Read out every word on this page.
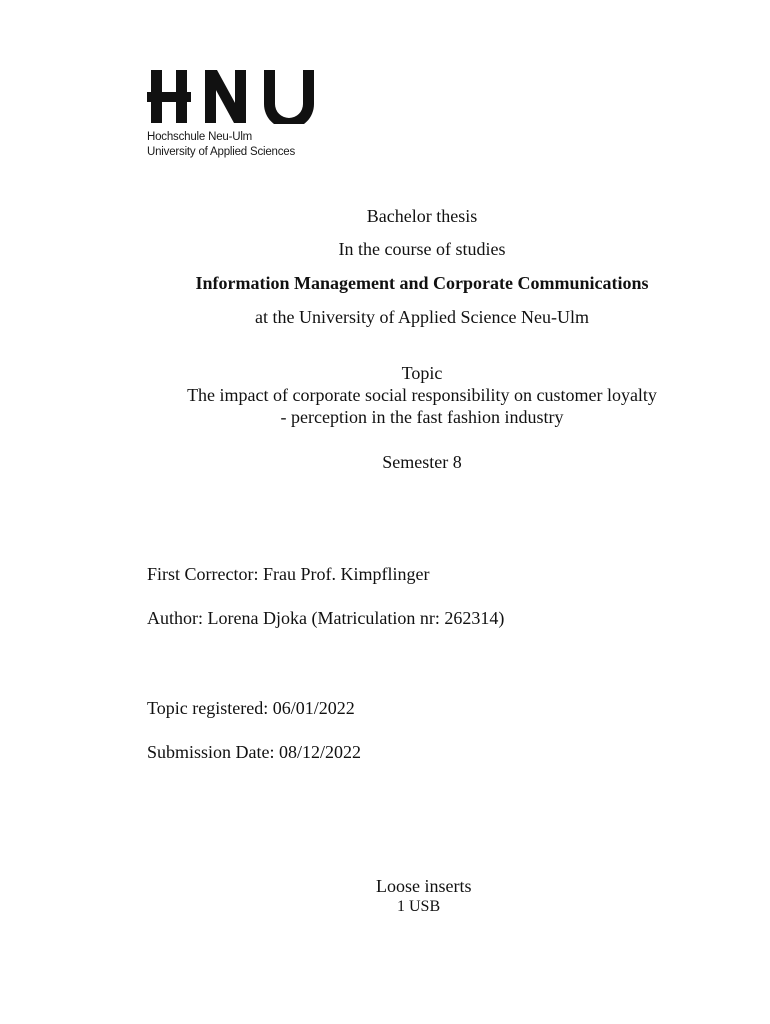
Hochschule Neu-Ulm
University of Applied Sciences
Bachelor thesis
In the course of studies
Information Management and Corporate Communications
at the University of Applied Science Neu-Ulm
Topic
The impact of corporate social responsibility on customer loyalty
- perception in the fast fashion industry
Semester 8
First Corrector: Frau Prof. Kimpflinger
Author: Lorena Djoka (Matriculation nr: 262314)
Topic registered: 06/01/2022
Submission Date: 08/12/2022
Loose inserts
1 USB
